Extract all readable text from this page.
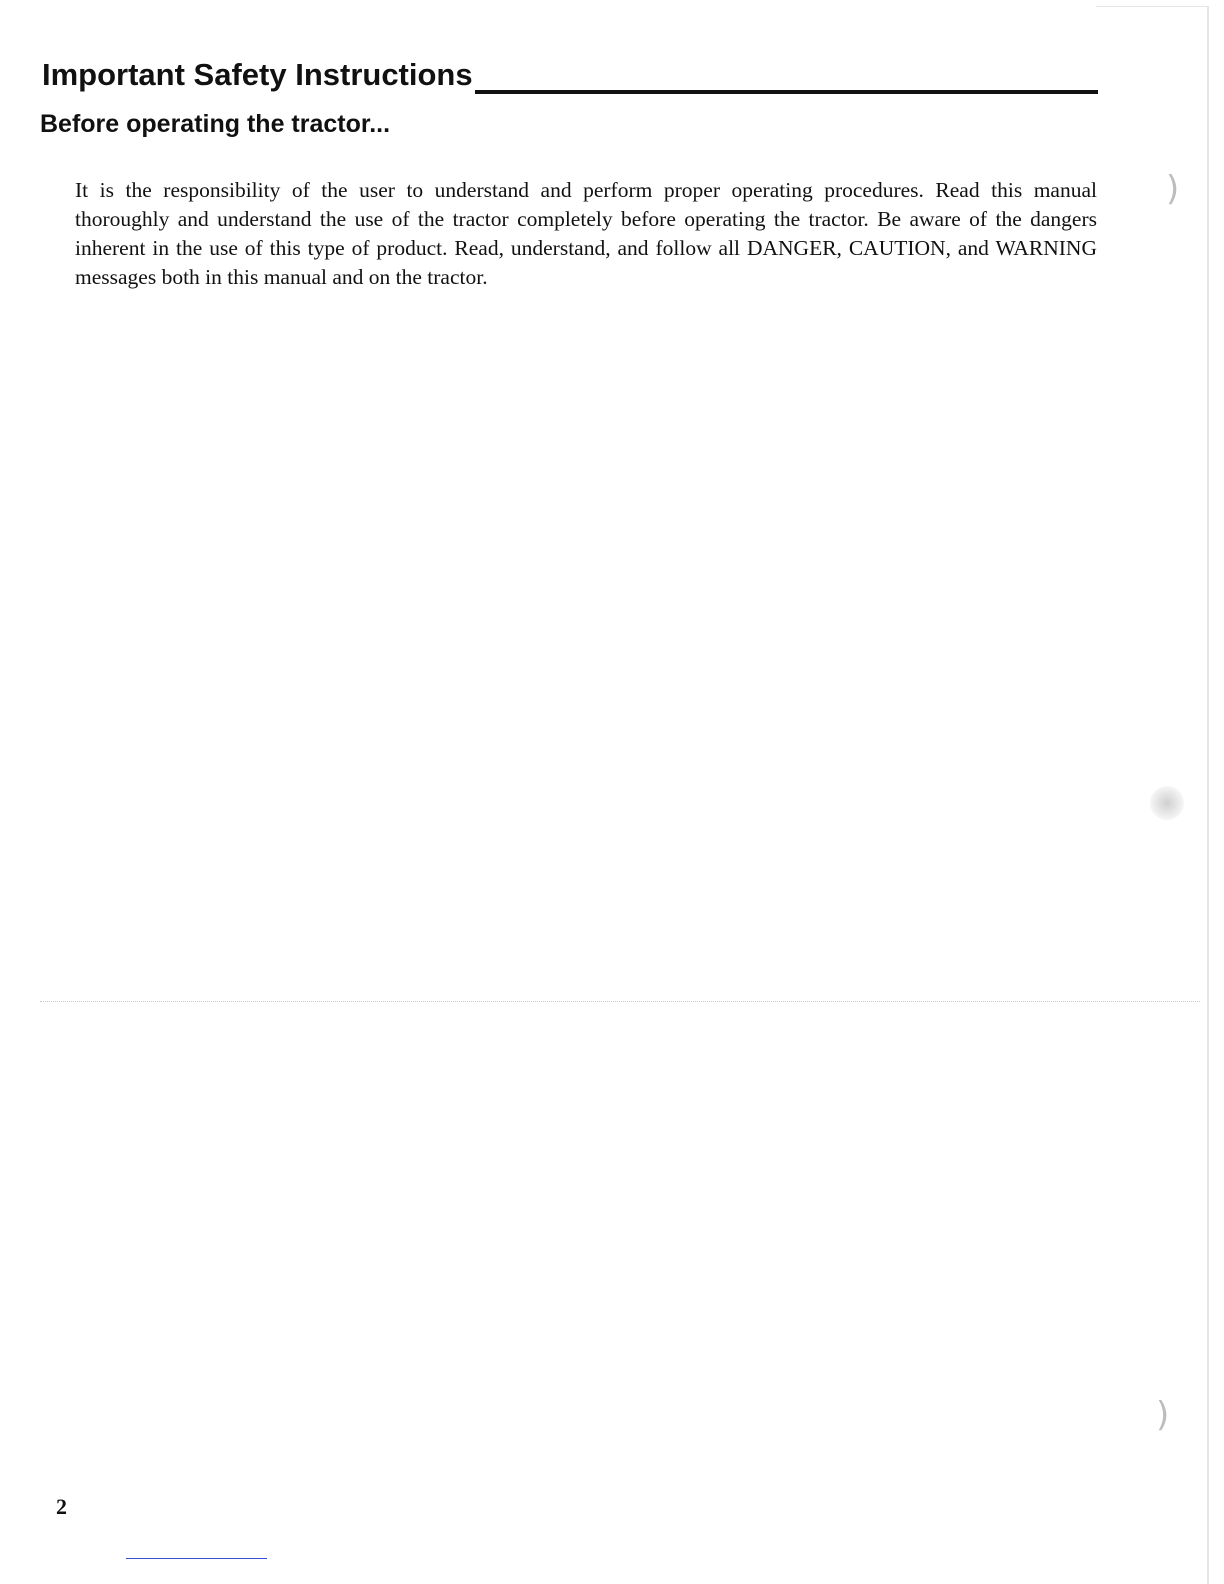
Important Safety Instructions
Before operating the tractor...

It is the responsibility of the user to understand and perform proper operating procedures. Read this manual thoroughly and understand the use of the tractor completely before operating the tractor. Be aware of the dangers inherent in the use of this type of product. Read, understand, and follow all DANGER, CAUTION, and WARNING messages both in this manual and on the tractor.

)
)
2
